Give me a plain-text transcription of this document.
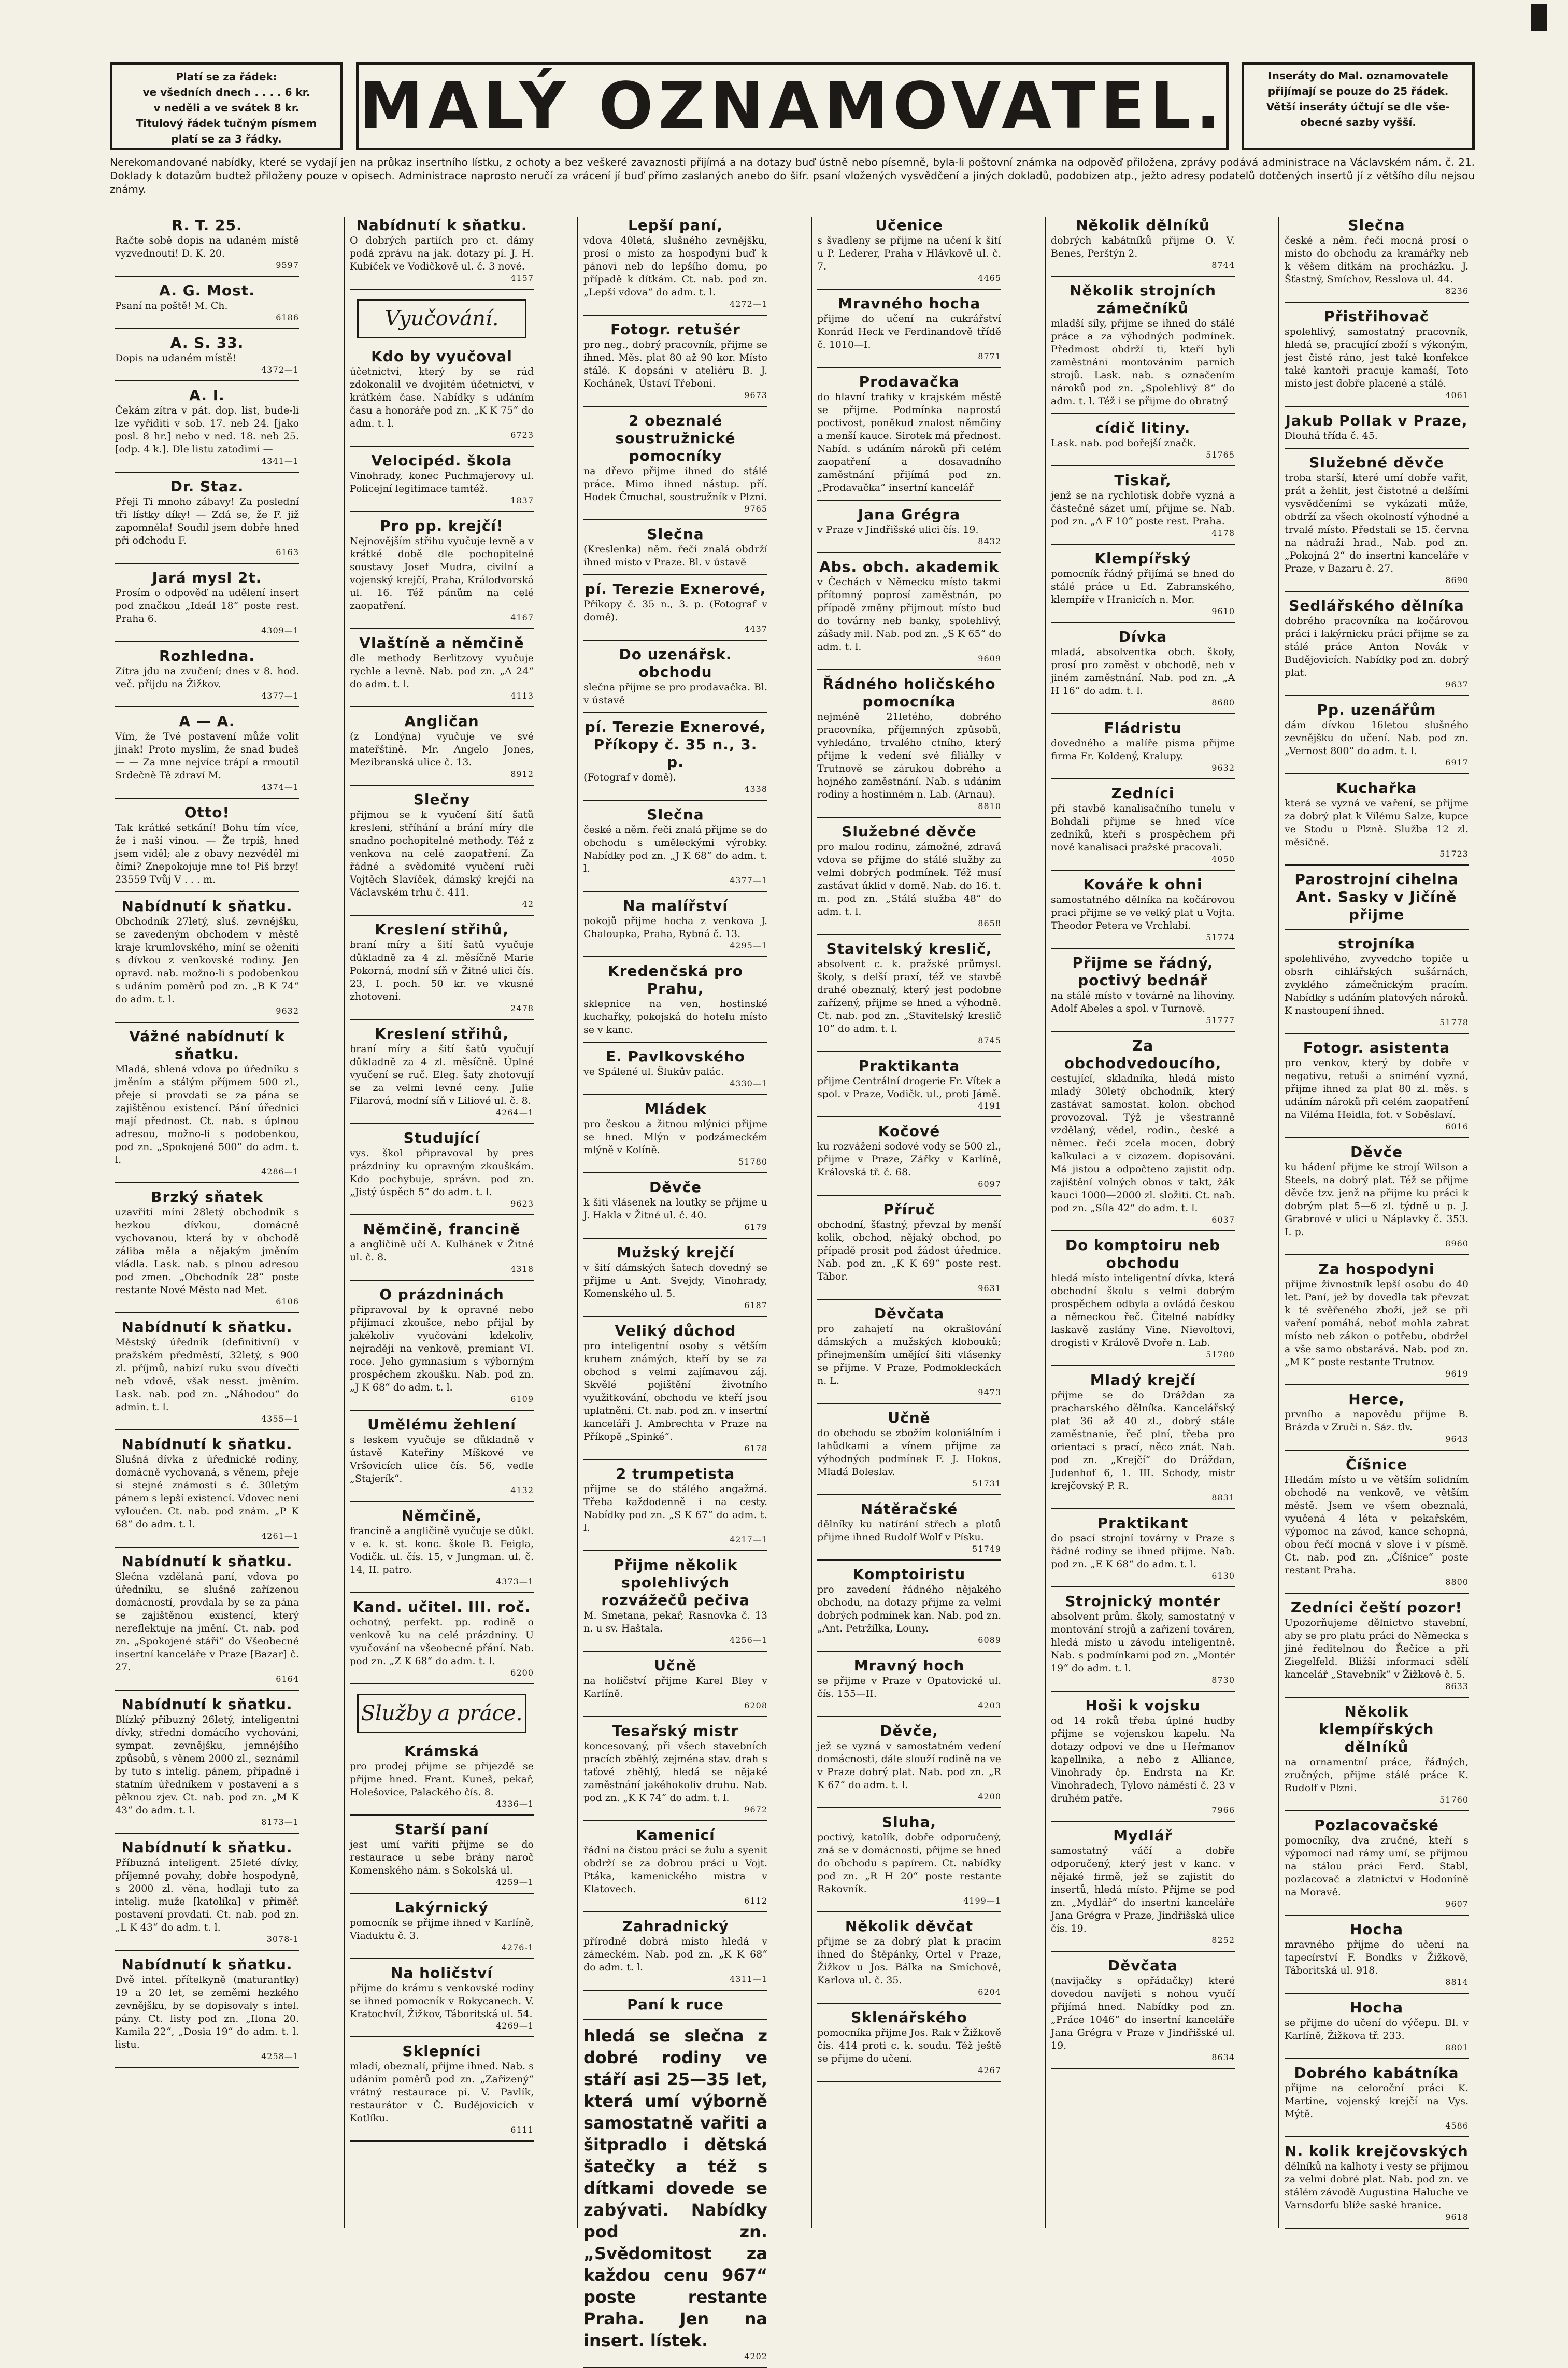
Platí se za řádek:
ve všedních dnech . . . . 6 kr.
v neděli a ve svátek 8 kr.
Titulový řádek tučným písmem
platí se za 3 řádky.	MALÝ OZNAMOVATEL.	Inseráty do Mal. oznamovatele
přijímají se pouze do 25 řádek.
Větší inseráty účtují se dle vše-
obecné sazby vyšší.
Nerekomandované nabídky, které se vydají jen na průkaz insertního lístku, z ochoty a bez veškeré zavaznosti přijímá a na dotazy buď ústně nebo písemně, byla-li poštovní známka na odpověď přiložena, zprávy podává administrace na Václavském nám. č. 21. Doklady k dotazům budtež přiloženy pouze v opisech. Administrace naprosto neručí za vrácení jí buď přímo zaslaných anebo do šifr. psaní vložených vysvědčení a jiných dokladů, podobizen atp., ježto adresy podatelů dotčených insertů jí z většího dílu nejsou známy.
R. T. 25.
Račte sobě dopis na udaném místě vyzvednouti! D. K. 20.
9597
A. G. Most.
Psaní na poště! M. Ch.
6186
A. S. 33.
Dopis na udaném místě!
4372—1
A. I.
Čekám zítra v pát. dop. list, bude-li lze vyřiditi v sob. 17. neb 24. [jako posl. 8 hr.] nebo v ned. 18. neb 25. [odp. 4 k.]. Dle listu zatodimi —
4341—1
Dr. Staz.
Přeji Ti mnoho zábavy! Za poslední tři lístky díky! — Zdá se, že F. již zapomněla! Soudil jsem dobře hned při odchodu F.
6163
Jará mysl 2t.
Prosím o odpověď na udělení insert pod značkou „Ideál 18“ poste rest. Praha 6.
4309—1
Rozhledna.
Zítra jdu na zvučení; dnes v 8. hod. več. přijdu na Žižkov.
4377—1
A — A.
Vím, že Tvé postavení může volit jinak! Proto myslím, že snad budeš — — Za mne nejvíce trápí a rmoutil Srdečně Tě zdraví M.
4374—1
Otto!
Tak krátké setkání! Bohu tím více, že i naší vinou. — Že trpíš, hned jsem viděl; ale z obavy nezvěděl mi čími? Znepokojuje mne to! Piš brzy! 23559 Tvůj V . . . m.
Nabídnutí k sňatku.
Obchodník 27letý, sluš. zevnějšku, se zavedeným obchodem v městě kraje krumlovského, míní se oženiti s dívkou z venkovské rodiny. Jen opravd. nab. možno-li s podobenkou s udáním poměrů pod zn. „B K 74“ do adm. t. l.
9632
Vážné nabídnutí k sňatku.
Mladá, shlená vdova po úředníku s jměním a stálým příjmem 500 zl., přeje si provdati se za pána se zajištěnou existencí. Pání úřednici mají přednost. Ct. nab. s úplnou adresou, možno-li s podobenkou, pod zn. „Spokojené 500“ do adm. t. l.
4286—1
Brzký sňatek
uzavřití míní 28letý obchodník s hezkou dívkou, domácně vychovanou, která by v obchodě záliba měla a nějakým jměním vládla. Lask. nab. s plnou adresou pod zmen. „Obchodník 28“ poste restante Nové Město nad Met.
6106
Nabídnutí k sňatku.
Městský úředník (definitivní) v pražském předměstí, 32letý, s 900 zl. příjmů, nabízí ruku svou dívečti neb vdově, však nesst. jměním. Lask. nab. pod zn. „Náhodou“ do admin. t. l.
4355—1
Nabídnutí k sňatku.
Slušná dívka z úřednické rodiny, domácně vychovaná, s věnem, přeje si stejné známosti s č. 30letým pánem s lepší existencí. Vdovec není vyloučen. Ct. nab. pod znám. „P K 68“ do adm. t. l.
4261—1
Nabídnutí k sňatku.
Slečna vzdělaná paní, vdova po úředníku, se slušně zařízenou domácností, provdala by se za pána se zajištěnou existencí, který nereflektuje na jmění. Ct. nab. pod zn. „Spokojené stáří“ do Všeobecné insertní kanceláře v Praze [Bazar] č. 27.
6164
Nabídnutí k sňatku.
Blízký příbuzný 26letý, inteligentní dívky, střední domácího vychování, sympat. zevnějšku, jemnějšího způsobů, s věnem 2000 zl., seznámil by tuto s intelig. pánem, případně i statním úředníkem v postavení a s pěknou zjev. Ct. nab. pod zn. „M K 43“ do adm. t. l.
8173—1
Nabídnutí k sňatku.
Příbuzná inteligent. 25leté dívky, příjemné povahy, dobře hospodyně, s 2000 zl. věna, hodlají tuto za intelig. muže [katolíka] v přiměř. postavení provdati. Ct. nab. pod zn. „L K 43“ do adm. t. l.
3078-1
Nabídnutí k sňatku.
Dvě intel. přítelkyně (maturantky) 19 a 20 let, se zeměmi hezkého zevnějšku, by se dopisovaly s intel. pány. Ct. listy pod zn. „Ilona 20. Kamila 22“, „Dosia 19“ do adm. t. l. listu.
4258—1
Nabídnutí k sňatku.
O dobrých partiích pro ct. dámy podá zprávu na jak. dotazy pí. J. H. Kubíček ve Vodičkově ul. č. 3 nové.
4157
Vyučování.
Kdo by vyučoval
účetnictví, který by se rád zdokonalil ve dvojitém účetnictví, v krátkém čase. Nabídky s udáním času a honoráře pod zn. „K K 75“ do adm. t. l.
6723
Velocipéd. škola
Vinohrady, konec Puchmajerovy ul. Policejní legitimace tamtéž.
1837
Pro pp. krejčí!
Nejnovějším střihu vyučuje levně a v krátké době dle pochopitelné soustavy Josef Mudra, civilní a vojenský krejčí, Praha, Králodvorská ul. 16. Též pánům na celé zaopatření.
4167
Vlaštíně a němčině
dle methody Berlitzovy vyučuje rychle a levně. Nab. pod zn. „A 24“ do adm. t. l.
4113
Angličan
(z Londýna) vyučuje ve své mateřštině. Mr. Angelo Jones, Mezibranská ulice č. 13.
8912
Slečny
přijmou se k vyučení šití šatů kresleni, stříhání a brání míry dle snadno pochopitelné methody. Též z venkova na celé zaopatření. Za řádné a svědomité vyučení ručí Vojtěch Slavíček, dámský krejčí na Václavském trhu č. 411.
42
Kreslení střihů,
braní míry a šití šatů vyučuje důkladně za 4 zl. měsíčně Marie Pokorná, modní síň v Žitné ulici čís. 23, I. poch. 50 kr. ve vkusné zhotovení.
2478
Kreslení střihů,
braní míry a šití šatů vyučují důkladně za 4 zl. měsíčně. Úplné vyučení se ruč. Eleg. šaty zhotovují se za velmi levné ceny. Julie Filarová, modní síň v Liliové ul. č. 8.
4264—1
Studující
vys. škol připravoval by pres prázdniny ku opravným zkouškám. Kdo pochybuje, správn. pod zn. „Jistý úspěch 5“ do adm. t. l.
9623
Němčině, francině
a angličině učí A. Kulhánek v Žitné ul. č. 8.
4318
O prázdninách
připravoval by k opravné nebo přijímací zkoušce, nebo přijal by jakékoliv vyučování kdekoliv, nejraději na venkově, premiant VI. roce. Jeho gymnasium s výborným prospěchem zkoušku. Nab. pod zn. „J K 68“ do adm. t. l.
6109
Umělému žehlení
s leskem vyučuje se důkladně v ústavě Kateřiny Míškové ve Vršovicích ulice čís. 56, vedle „Stajerík“.
4132
Němčině,
francině a angličině vyučuje se důkl. v e. k. st. konc. škole B. Feigla, Vodičk. ul. čís. 15, v Jungman. ul. č. 14, II. patro.
4373—1
Kand. učitel. III. roč.
ochotný, perfekt. pp. rodině o venkově ku na celé prázdniny. U vyučování na všeobecné přání. Nab. pod zn. „Z K 68“ do adm. t. l.
6200
Služby a práce.
Krámská
pro prodej přijme se přijezdě se přijme hned. Frant. Kuneš, pekař, Holešovice, Palackého čís. 8.
4336—1
Starší paní
jest umí vařiti přijme se do restaurace u sebe brány naroč Komenského nám. s Sokolská ul.
4259—1
Lakýrnický
pomocník se přijme ihned v Karlíně, Viaduktu č. 3.
4276-1
Na holičství
přijme do krámu s venkovské rodiny se ihned pomocník v Rokycanech. V. Kratochvíl, Žižkov, Táboritská ul. 54.
4269—1
Sklepníci
mladí, obeznalí, přijme ihned. Nab. s udáním poměrů pod zn. „Zařízený“ vrátný restaurace pí. V. Pavlík, restaurátor v Č. Budějovicích v Kotlíku.
6111
Lepší paní,
vdova 40letá, slušného zevnějšku, prosí o místo za hospodyni buď k pánovi neb do lepšího domu, po případě k dítkám. Ct. nab. pod zn. „Lepší vdova“ do adm. t. l.
4272—1
Fotogr. retušér
pro neg., dobrý pracovník, přijme se ihned. Měs. plat 80 až 90 kor. Místo stálé. K dopsáni v ateliéru B. J. Kochánek, Ústaví Třeboni.
9673
2 obeznalé soustružnické pomocníky
na dřevo přijme ihned do stálé práce. Mimo ihned nástup. pří. Hodek Čmuchal, soustružník v Plzni.
9765
Slečna
(Kreslenka) něm. řeči znalá obdrží ihned místo v Praze. Bl. v ústavě
pí. Terezie Exnerové,
Příkopy č. 35 n., 3. p. (Fotograf v domě).
4437
Do uzenářsk. obchodu
slečna přijme se pro prodavačka. Bl. v ústavě
pí. Terezie Exnerové, Příkopy č. 35 n., 3. p.
(Fotograf v domě).
4338
Slečna
české a něm. řeči znalá přijme se do obchodu s uměleckými výrobky. Nabídky pod zn. „J K 68“ do adm. t. l.
4377—1
Na malířství
pokojů přijme hocha z venkova J. Chaloupka, Praha, Rybná č. 13.
4295—1
Kredenčská pro Prahu,
sklepnice na ven, hostinské kuchařky, pokojská do hotelu místo se v kanc.
E. Pavlkovského
ve Spálené ul. Šlukův palác.
4330—1
Mládek
pro českou a žitnou mlýnici přijme se hned. Mlýn v podzámeckém mlýně v Kolíně.
51780
Děvče
k šiti vlásenek na loutky se přijme u J. Hakla v Žitné ul. č. 40.
6179
Mužský krejčí
v šití dámských šatech dovedný se přijme u Ant. Svejdy, Vinohrady, Komenského ul. 5.
6187
Veliký důchod
pro inteligentní osoby s větším kruhem známých, kteří by se za obchod s velmi zajímavou záj. Skvělé pojištění životního využitkování, obchodu ve kteří jsou uplatněni. Ct. nab. pod zn. v insertní kanceláři J. Ambrechta v Praze na Příkopě „Spinké“.
6178
2 trumpetista
přijme se do stálého angažmá. Třeba každodenně i na cesty. Nabídky pod zn. „S K 67“ do adm. t. l.
4217—1
Přijme několik spolehlivých rozvážečů pečiva
M. Smetana, pekař, Rasnovka č. 13 n. u sv. Haštala.
4256—1
Učně
na holičství přijme Karel Bley v Karlíně.
6208
Tesařský mistr
koncesovaný, při všech stavebních pracích zběhlý, zejména stav. drah s taťové zběhlý, hledá se nějaké zaměstnání jakéhokoliv druhu. Nab. pod zn. „K K 74“ do adm. t. l.
9672
Kamenicí
řádní na čistou práci se žulu a syenit obdrží se za dobrou práci u Vojt. Ptáka, kamenického mistra v Klatovech.
6112
Zahradnický
přírodně dobrá místo hledá v zámeckém. Nab. pod zn. „K K 68“ do adm. t. l.
4311—1
Paní k ruce
hledá se slečna z dobré rodiny ve stáří asi 25—35 let, která umí výborně samostatně vařiti a šitpradlo i dětská šatečky a též s dítkami dovede se zabývati. Nabídky pod zn. „Svědomitost za každou cenu 967“ poste restante Praha. Jen na insert. lístek.
4202
Učenice
s švadleny se přijme na učení k šití u P. Lederer, Praha v Hlávkově ul. č. 7.
4465
Mravného hocha
přijme do učení na cukrářství Konrád Heck ve Ferdinandově třídě č. 1010—I.
8771
Prodavačka
do hlavní trafiky v krajském městě se přijme. Podmínka naprostá poctivost, poněkud znalost němčiny a menší kauce. Sirotek má přednost. Nabíd. s udáním nároků při celém zaopatření a dosavadního zaměstnání přijímá pod zn. „Prodavačka“ insertní kancelář
Jana Grégra
v Praze v Jindřišské ulici čís. 19.
8432
Abs. obch. akademik
v Čechách v Německu místo takmi přítomný poprosí zaměstnán, po případě změny přijmout místo bud do továrny neb banky, spolehlivý, zášady mil. Nab. pod zn. „S K 65“ do adm. t. l.
9609
Řádného holičského pomocníka
nejméně 21letého, dobrého pracovníka, příjemných způsobů, vyhledáno, trvalého ctního, který přijme k vedení své filiálky v Trutnově se zárukou dobrého a hojného zaměstnání. Nab. s udáním rodiny a hostinném n. Lab. (Arnau).
8810
Služebné děvče
pro malou rodinu, zámožné, zdravá vdova se přijme do stálé služby za velmi dobrých podmínek. Též musí zastávat úklid v domě. Nab. do 16. t. m. pod zn. „Stálá služba 48“ do adm. t. l.
8658
Stavitelský kreslič,
absolvent c. k. pražské průmysl. školy, s delší praxí, též ve stavbě drahé obeznalý, který jest podobne zařízený, přijme se hned a výhodně. Ct. nab. pod zn. „Stavitelský kreslič 10“ do adm. t. l.
8745
Praktikanta
přijme Centrální drogerie Fr. Vítek a spol. v Praze, Vodičk. ul., proti Jámě.
4191
Kočové
ku rozvážení sodové vody se 500 zl., přijme v Praze, Zářky v Karlíně, Královská tř. č. 68.
6097
Příruč
obchodní, šťastný, převzal by menší kolik, obchod, nějaký obchod, po případě prosit pod žádost úřednice. Nab. pod zn. „K K 69“ poste rest. Tábor.
9631
Děvčata
pro zahajetí na okrašlování dámských a mužských klobouků; přinejmenším umějící šiti vlásenky se přijme. V Praze, Podmokleckách n. L.
9473
Učně
do obchodu se zbožím koloniálním i lahůdkami a vínem přijme za výhodných podmínek F. J. Hokos, Mladá Boleslav.
51731
Nátěračské
dělníky ku natírání střech a plotů přijme ihned Rudolf Wolf v Písku.
51749
Komptoiristu
pro zavedení řádného nějakého obchodu, na dotazy přijme za velmi dobrých podmínek kan. Nab. pod zn. „Ant. Petržílka, Louny.
6089
Mravný hoch
se přijme v Praze v Opatovické ul. čís. 155—II.
4203
Děvče,
jež se vyzná v samostatném vedení domácnosti, dále slouží rodině na ve v Praze dobrý plat. Nab. pod zn. „R K 67“ do adm. t. l.
4200
Sluha,
poctivý, katolík, dobře odporučený, zná se v domácnosti, přijme se hned do obchodu s papírem. Ct. nabídky pod zn. „R H 20“ poste restante Rakovník.
4199—1
Několik děvčat
přijme se za dobrý plat k pracím ihned do Štěpánky, Ortel v Praze, Žižkov u Jos. Bálka na Smíchově, Karlova ul. č. 35.
6204
Sklenářského
pomocníka přijme Jos. Rak v Žižkově čís. 414 proti c. k. soudu. Též ještě se přijme do učení.
4267
Několik dělníků
dobrých kabátníků přijme O. V. Benes, Perštýn 2.
8744
Několik strojních zámečníků
mladší síly, přijme se ihned do stálé práce a za výhodných podmínek. Předmost obdrží ti, kteří byli zaměstnáni montováním parních strojů. Lask. nab. s označením nároků pod zn. „Spolehlivý 8“ do adm. t. l. Též i se přijme do obratný
cídič litiny.
Lask. nab. pod bořejší značk.
51765
Tiskař,
jenž se na rychlotisk dobře vyzná a částečně sázet umí, přijme se. Nab. pod zn. „A F 10“ poste rest. Praha.
4178
Klempířský
pomocník řádný přijímá se hned do stálé práce u Ed. Zabranského, klempíře v Hranicích n. Mor.
9610
Dívka
mladá, absolventka obch. školy, prosí pro zaměst v obchodě, neb v jiném zaměstnání. Nab. pod zn. „A H 16“ do adm. t. l.
8680
Fládristu
dovedného a malíře písma přijme firma Fr. Koldený, Kralupy.
9632
Zedníci
při stavbě kanalisačního tunelu v Bohdali přijme se hned více zedníků, kteří s prospěchem při nově kanalisaci pražské pracovali.
4050
Kováře k ohni
samostatného dělníka na kočárovou praci přijme se ve velký plat u Vojta. Theodor Petera ve Vrchlabí.
51774
Přijme se řádný, poctivý bednář
na stálé místo v továrně na lihoviny. Adolf Abeles a spol. v Turnově.
51777
Za obchodvedoucího,
cestující, skladníka, hledá místo mladý 30letý obchodník, který zastávat samostat. kolon. obchod provozoval. Týž je všestranně vzdělaný, vědel, rodin., české a němec. řeči zcela mocen, dobrý kalkulaci a v cizozem. dopisování. Má jistou a odpočteno zajistit odp. zajištění volných obnos v takt, žák kauci 1000—2000 zl. složiti. Ct. nab. pod zn. „Síla 42“ do adm. t. l.
6037
Do komptoiru neb obchodu
hledá místo inteligentní dívka, která obchodní školu s velmi dobrým prospěchem odbyla a ovládá českou a německou řeč. Čitelné nabídky laskavě zaslány Vine. Nievoltovi, drogisti v Králově Dvoře n. Lab.
51780
Mladý krejčí
přijme se do Dráždan za pracharského dělníka. Kancelářský plat 36 až 40 zl., dobrý stále zaměstnanie, řeč plní, třeba pro orientaci s prací, něco znát. Nab. pod zn. „Krejčí“ do Dráždan, Judenhof 6, 1. III. Schody, mistr krejčovský P. R.
8831
Praktikant
do psací strojní továrny v Praze s řádné rodiny se ihned přijme. Nab. pod zn. „E K 68“ do adm. t. l.
6130
Strojnický montér
absolvent prům. školy, samostatný v montování strojů a zařízení továren, hledá místo u závodu inteligentně. Nab. s podmínkami pod zn. „Montér 19“ do adm. t. l.
8730
Hoši k vojsku
od 14 roků třeba úplné hudby přijme se vojenskou kapelu. Na dotazy odpoví ve dne u Heřmanov kapellnika, a nebo z Alliance, Vinohrady čp. Endrsta na Kr. Vinohradech, Tylovo náměstí č. 23 v druhém patře.
7966
Mydlář
samostatný váčí a dobře odporučený, který jest v kanc. v nějaké firmě, jež se zajistit do insertů, hledá místo. Přijme se pod zn. „Mydlář“ do insertní kanceláře Jana Grégra v Praze, Jindřišská ulice čís. 19.
8252
Děvčata
(navijačky s opřádačky) které dovedou navíjeti s nohou vyučí přijímá hned. Nabídky pod zn. „Práce 1046“ do insertní kanceláře Jana Grégra v Praze v Jindřišské ul. 19.
8634
Slečna
české a něm. řeči mocná prosí o místo do obchodu za kramářky neb k věšem dítkám na procházku. J. Šťastný, Smíchov, Resslova ul. 44.
8236
Přistřihovač
spolehlivý, samostatný pracovník, hledá se, pracující zboží s výkoným, jest čisté ráno, jest také konfekce také kantoři pracuje kamaší, Toto místo jest dobře placené a stálé.
4061
Jakub Pollak v Praze,
Dlouhá třída č. 45.
Služebné děvče
troba starší, které umí dobře vařit, prát a žehlit, jest čistotné a delšími vysvědčeními se vykázati může, obdrží za všech okolností výhodné a trvalé místo. Předstali se 15. června na nádraží hrad., Nab. pod zn. „Pokojná 2“ do insertní kanceláře v Praze, v Bazaru č. 27.
8690
Sedlářského dělníka
dobrého pracovníka na kočárovou práci i lakýrnicku práci přijme se za stálé práce Anton Novák v Budějovicích. Nabídky pod zn. dobrý plat.
9637
Pp. uzenářům
dám dívkou 16letou slušného zevnějšku do učení. Nab. pod zn. „Vernost 800“ do adm. t. l.
6917
Kuchařka
která se vyzná ve vaření, se přijme za dobrý plat k Vilému Salze, kupce ve Stodu u Plzně. Služba 12 zl. měsíčně.
51723
Parostrojní cihelna Ant. Sasky v Jičíně přijme
strojníka
spolehlivého, zvyvedcho topiče u obsrh cihlářských sušárnách, zvyklého zámečnickým pracím. Nabídky s udáním platových nároků. K nastoupení ihned.
51778
Fotogr. asistenta
pro venkov, který by dobře v negativu, retuši a sniméní vyzná, přijme ihned za plat 80 zl. měs. s udáním nároků při celém zaopatření na Viléma Heidla, fot. v Soběslaví.
6016
Děvče
ku hádení přijme ke strojí Wilson a Steels, na dobrý plat. Též se přijme děvče tzv. jenž na přijme ku práci k dobrým plat 5—6 zl. týdně u p. J. Grabrové v ulici u Náplavky č. 353. I. p.
8960
Za hospodyni
přijme živnostník lepší osobu do 40 let. Paní, jež by dovedla tak převzat k té svěřeného zboží, jež se při vaření pomáhá, neboť mohla zabrat místo neb zákon o potřebu, obdržel a vše samo obstarává. Nab. pod zn. „M K“ poste restante Trutnov.
9619
Herce,
prvního a napovědu přijme B. Brázda v Zruči n. Sáz. tlv.
9643
Číšnice
Hledám místo u ve větším solidním obchodě na venkově, ve větším městě. Jsem ve všem obeznalá, vyučená 4 léta v pekařském, výpomoc na závod, kance schopná, obou řečí mocná v slove i v písmě. Ct. nab. pod zn. „Číšnice“ poste restant Praha.
8800
Zedníci čeští pozor!
Upozorňujeme dělnictvo stavební, aby se pro platu práci do Německa s jiné ředitelnou do Řečice a při Ziegelfeld. Bližší informaci sdělí kancelář „Stavebník“ v Žižkově č. 5.
8633
Několik klempířských dělníků
na ornamentní práce, řádných, zručných, přijme stálé práce K. Rudolf v Plzni.
51760
Pozlacovačské
pomocníky, dva zručné, kteří s výpomocí nad rámy umí, se přijmou na stálou práci Ferd. Stabl, pozlacovač a zlatnictví v Hodoníně na Moravě.
9607
Hocha
mravného přijme do učení na tapecírství F. Bondks v Žižkově, Táboritská ul. 918.
8814
Hocha
se přijme do učení do výčepu. Bl. v Karlíně, Žižkova tř. 233.
8801
Dobrého kabátníka
přijme na celoroční práci K. Martine, vojenský krejčí na Vys. Mýtě.
4586
N. kolik krejčovských
dělníků na kalhoty i vesty se přijmou za velmi dobré plat. Nab. pod zn. ve stálém závodě Augustina Haluche ve Varnsdorfu blíže saské hranice.
9618
